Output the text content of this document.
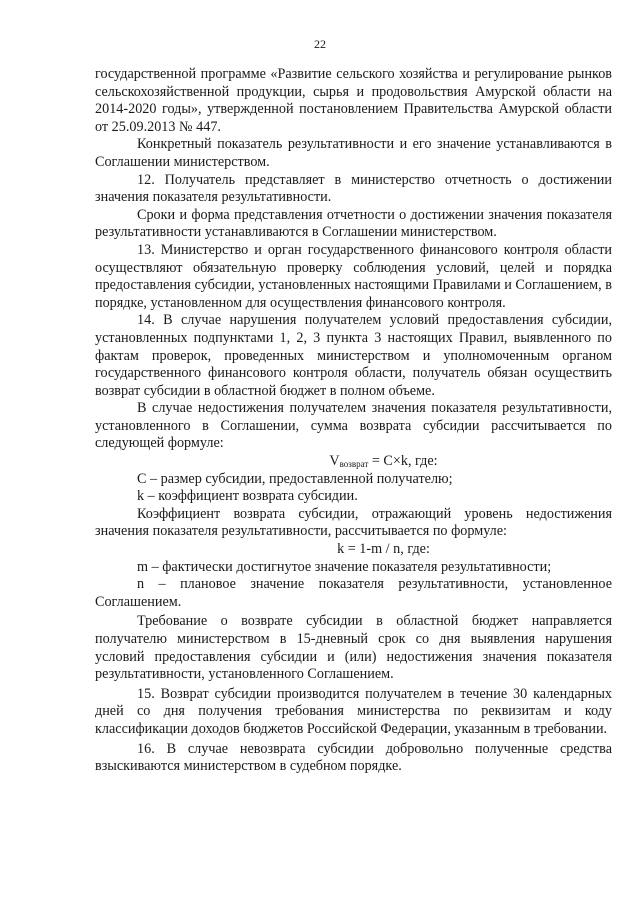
22

государственной программе «Развитие сельского хозяйства и регулирование рынков сельскохозяйственной продукции, сырья и продовольствия Амурской области на 2014-2020 годы», утвержденной постановлением Правительства Амурской области от 25.09.2013 № 447.

Конкретный показатель результативности и его значение устанавливаются в Соглашении министерством.

12. Получатель представляет в министерство отчетность о достижении значения показателя результативности.

Сроки и форма представления отчетности о достижении значения показателя результативности устанавливаются в Соглашении министерством.

13. Министерство и орган государственного финансового контроля области осуществляют обязательную проверку соблюдения условий, целей и порядка предоставления субсидии, установленных настоящими Правилами и Соглашением, в порядке, установленном для осуществления финансового контроля.

14. В случае нарушения получателем условий предоставления субсидии, установленных подпунктами 1, 2, 3 пункта 3 настоящих Правил, выявленного по фактам проверок, проведенных министерством и уполномоченным органом государственного финансового контроля области, получатель обязан осуществить возврат субсидии в областной бюджет в полном объеме.

В случае недостижения получателем значения показателя результативности, установленного в Соглашении, сумма возврата субсидии рассчитывается по следующей формуле:

$V_{возврат} = C\times k$, где:

C – размер субсидии, предоставленной получателю;

k – коэффициент возврата субсидии.

Коэффициент возврата субсидии, отражающий уровень недостижения значения показателя результативности, рассчитывается по формуле:

k = 1-m / n, где:

m – фактически достигнутое значение показателя результативности;

n – плановое значение показателя результативности, установленное Соглашением.

Требование о возврате субсидии в областной бюджет направляется получателю министерством в 15-дневный срок со дня выявления нарушения условий предоставления субсидии и (или) недостижения значения показателя результативности, установленного Соглашением.

15. Возврат субсидии производится получателем в течение 30 календарных дней со дня получения требования министерства по реквизитам и коду классификации доходов бюджетов Российской Федерации, указанным в требовании.

16. В случае невозврата субсидии добровольно полученные средства взыскиваются министерством в судебном порядке.
